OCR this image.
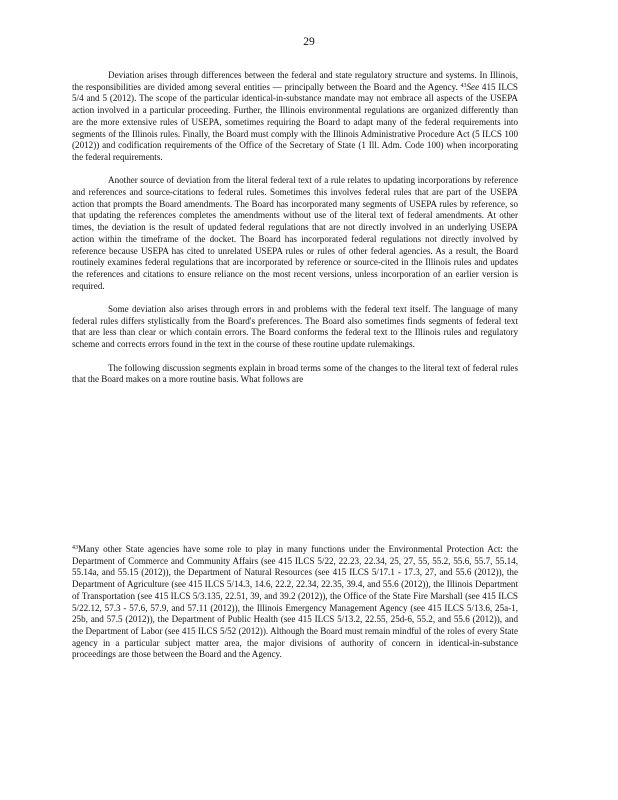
29

Deviation arises through differences between the federal and state regulatory structure and systems. In Illinois, the responsibilities are divided among several entities — principally between the Board and the Agency. $^{43}$See 415 ILCS 5/4 and 5 (2012). The scope of the particular identical-in-substance mandate may not embrace all aspects of the USEPA action involved in a particular proceeding. Further, the Illinois environmental regulations are organized differently than are the more extensive rules of USEPA, sometimes requiring the Board to adapt many of the federal requirements into segments of the Illinois rules. Finally, the Board must comply with the Illinois Administrative Procedure Act (5 ILCS 100 (2012)) and codification requirements of the Office of the Secretary of State (1 Ill. Adm. Code 100) when incorporating the federal requirements.

Another source of deviation from the literal federal text of a rule relates to updating incorporations by reference and references and source-citations to federal rules. Sometimes this involves federal rules that are part of the USEPA action that prompts the Board amendments. The Board has incorporated many segments of USEPA rules by reference, so that updating the references completes the amendments without use of the literal text of federal amendments. At other times, the deviation is the result of updated federal regulations that are not directly involved in an underlying USEPA action within the timeframe of the docket. The Board has incorporated federal regulations not directly involved by reference because USEPA has cited to unrelated USEPA rules or rules of other federal agencies. As a result, the Board routinely examines federal regulations that are incorporated by reference or source-cited in the Illinois rules and updates the references and citations to ensure reliance on the most recent versions, unless incorporation of an earlier version is required.

Some deviation also arises through errors in and problems with the federal text itself. The language of many federal rules differs stylistically from the Board's preferences. The Board also sometimes finds segments of federal text that are less than clear or which contain errors. The Board conforms the federal text to the Illinois rules and regulatory scheme and corrects errors found in the text in the course of these routine update rulemakings.

The following discussion segments explain in broad terms some of the changes to the literal text of federal rules that the Board makes on a more routine basis. What follows are

$^{43}$Many other State agencies have some role to play in many functions under the Environmental Protection Act: the Department of Commerce and Community Affairs (see 415 ILCS 5/22, 22.23, 22.34, 25, 27, 55, 55.2, 55.6, 55.7, 55.14, 55.14a, and 55.15 (2012)), the Department of Natural Resources (see 415 ILCS 5/17.1 - 17.3, 27, and 55.6 (2012)), the Department of Agriculture (see 415 ILCS 5/14.3, 14.6, 22.2, 22.34, 22.35, 39.4, and 55.6 (2012)), the Illinois Department of Transportation (see 415 ILCS 5/3.135, 22.51, 39, and 39.2 (2012)), the Office of the State Fire Marshall (see 415 ILCS 5/22.12, 57.3 - 57.6, 57.9, and 57.11 (2012)), the Illinois Emergency Management Agency (see 415 ILCS 5/13.6, 25a-1, 25b, and 57.5 (2012)), the Department of Public Health (see 415 ILCS 5/13.2, 22.55, 25d-6, 55.2, and 55.6 (2012)), and the Department of Labor (see 415 ILCS 5/52 (2012)). Although the Board must remain mindful of the roles of every State agency in a particular subject matter area, the major divisions of authority of concern in identical-in-substance proceedings are those between the Board and the Agency.
